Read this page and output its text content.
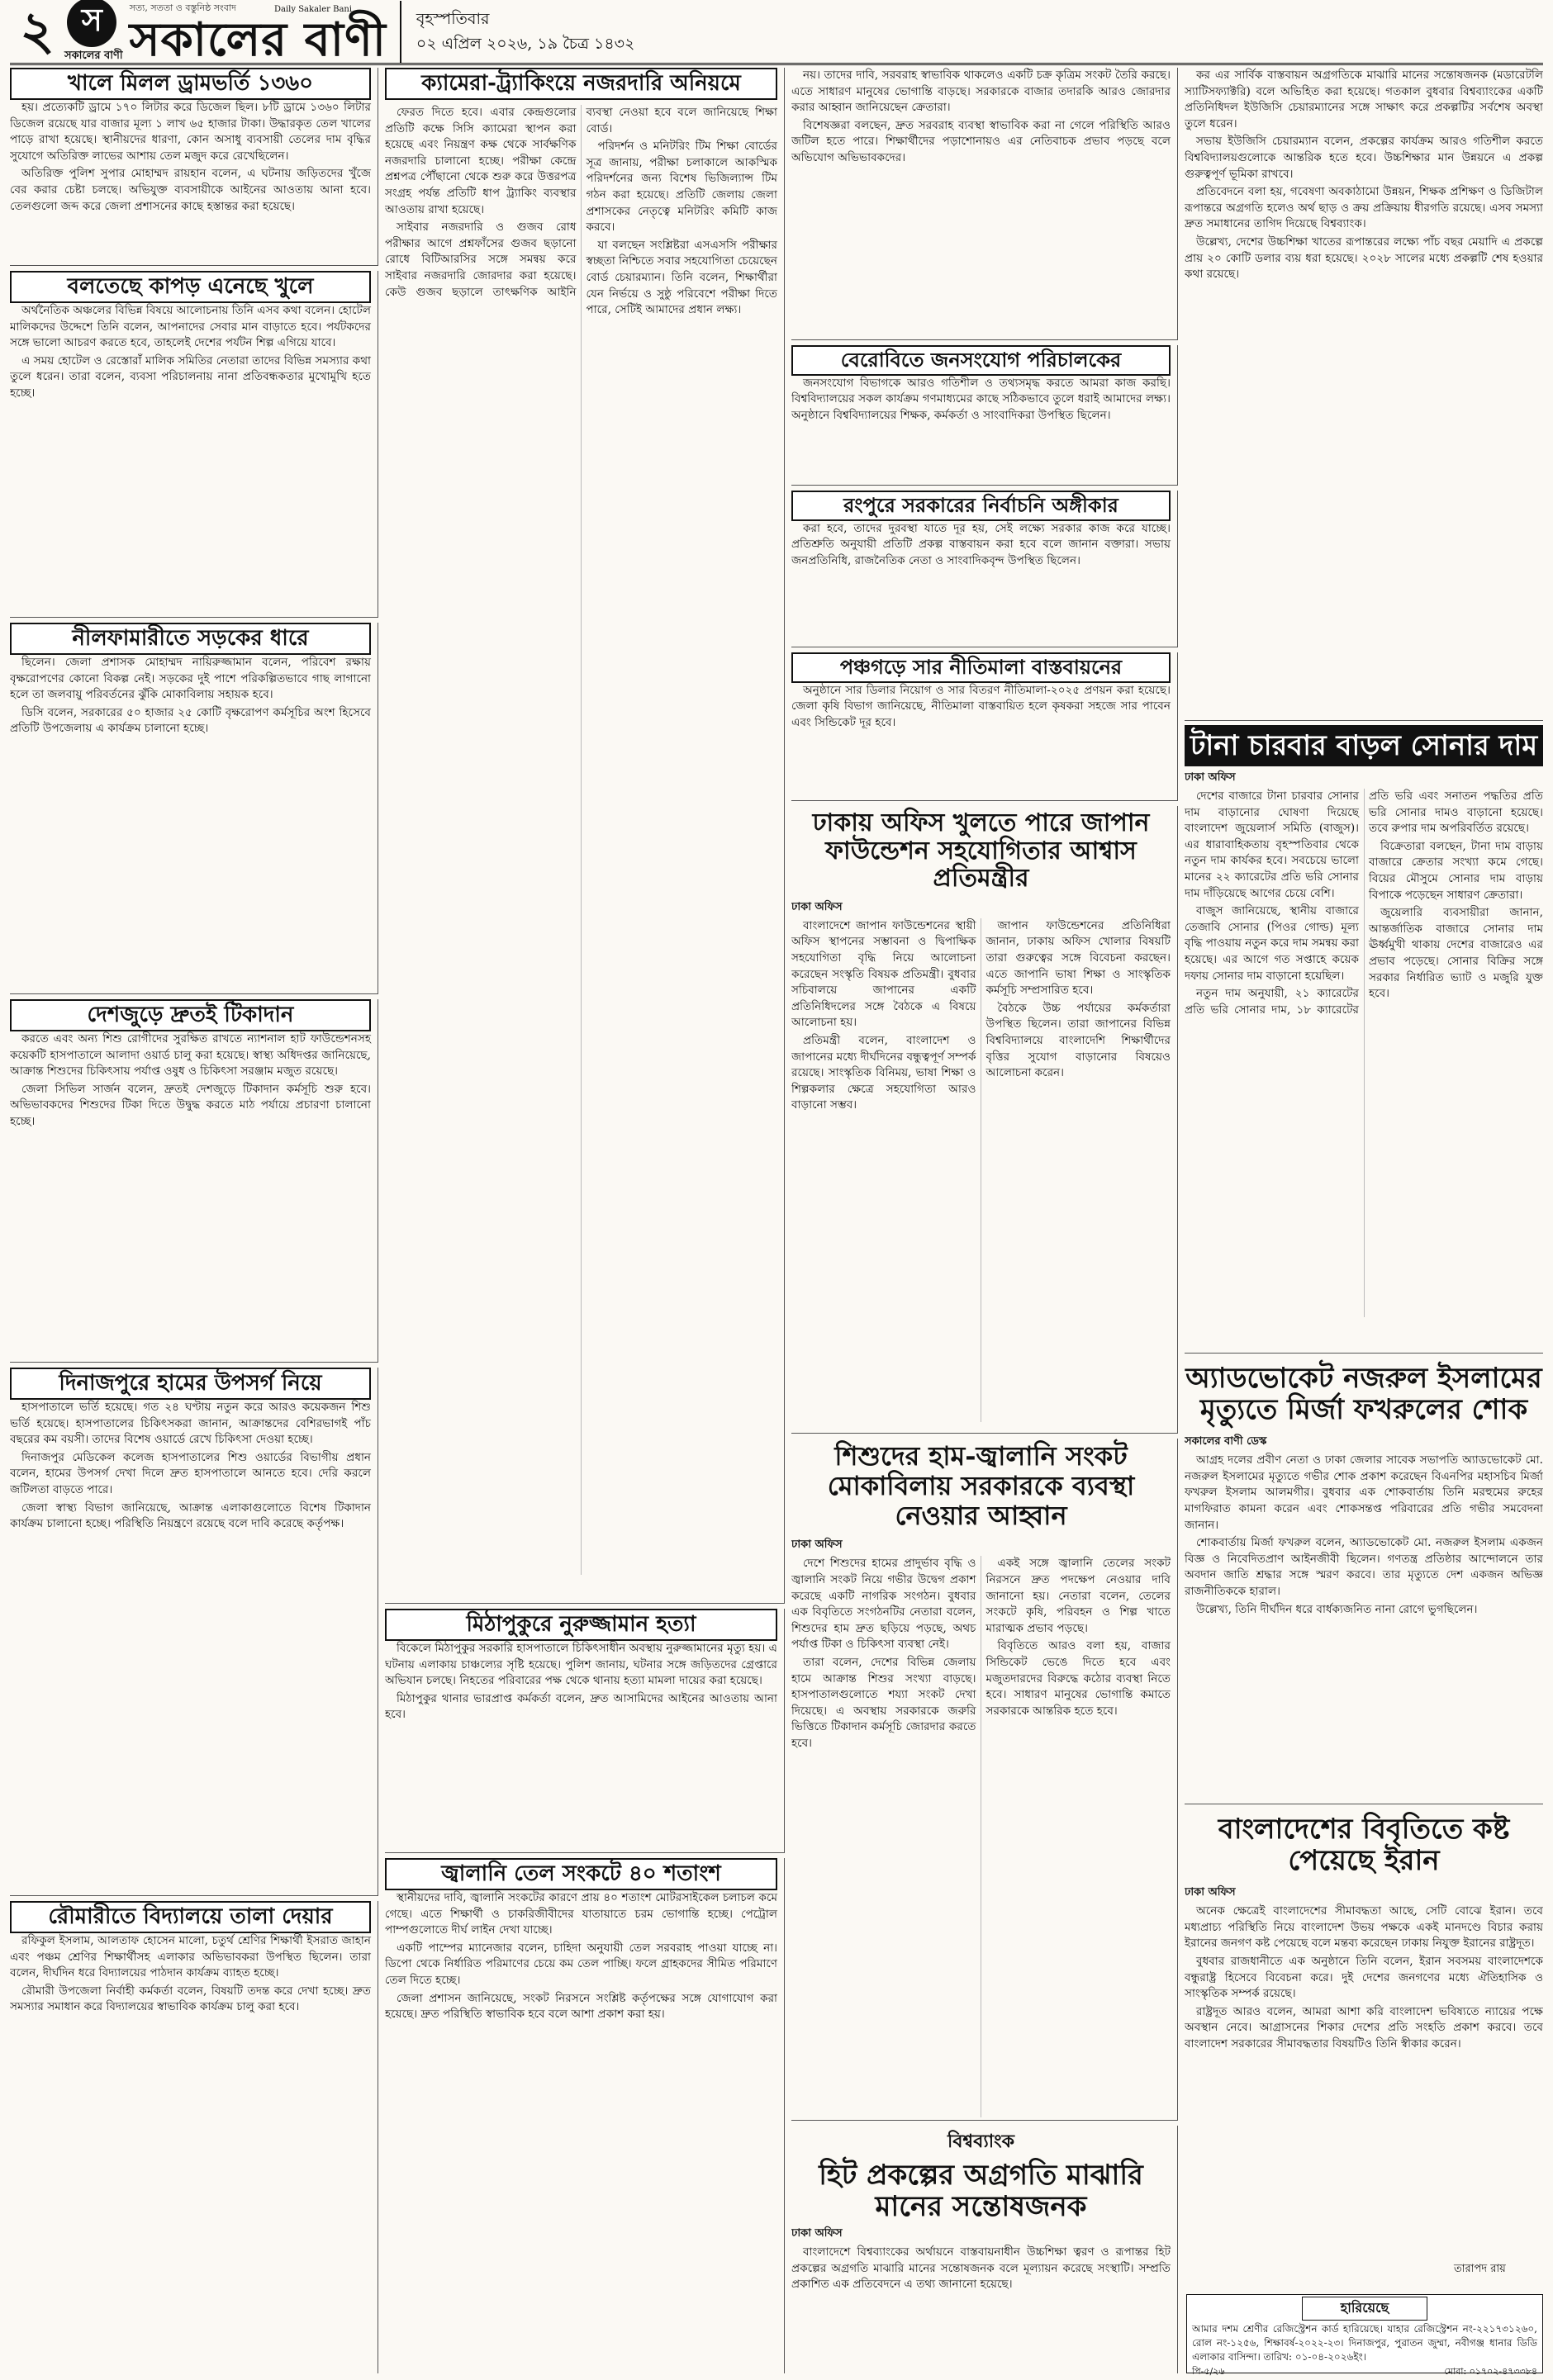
২ স
সকালের বাণী
সত্য, সততা ও বস্তুনিষ্ঠ সংবাদ
সকালের বাণী
Daily Sakaler Bani
বৃহস্পতিবার
০২ এপ্রিল ২০২৬, ১৯ চৈত্র ১৪৩২
খালে মিলল ড্রামভর্তি ১৩৬০

হয়। প্রত্যেকটি ড্রামে ১৭০ লিটার করে ডিজেল ছিল। ৮টি ড্রামে ১৩৬০ লিটার ডিজেল রয়েছে যার বাজার মূল্য ১ লাখ ৬৫ হাজার টাকা। উদ্ধারকৃত তেল খালের পাড়ে রাখা হয়েছে। স্থানীয়দের ধারণা, কোন অসাধু ব্যবসায়ী তেলের দাম বৃদ্ধির সুযোগে অতিরিক্ত লাভের আশায় তেল মজুদ করে রেখেছিলেন।

অতিরিক্ত পুলিশ সুপার মোহাম্মদ রায়হান বলেন, এ ঘটনায় জড়িতদের খুঁজে বের করার চেষ্টা চলছে। অভিযুক্ত ব্যবসায়ীকে আইনের আওতায় আনা হবে। তেলগুলো জব্দ করে জেলা প্রশাসনের কাছে হস্তান্তর করা হয়েছে।

বলতেছে কাপড় এনেছে খুলে

অর্থনৈতিক অঞ্চলের বিভিন্ন বিষয়ে আলোচনায় তিনি এসব কথা বলেন। হোটেল মালিকদের উদ্দেশে তিনি বলেন, আপনাদের সেবার মান বাড়াতে হবে। পর্যটকদের সঙ্গে ভালো আচরণ করতে হবে, তাহলেই দেশের পর্যটন শিল্প এগিয়ে যাবে।

এ সময় হোটেল ও রেস্তোরাঁ মালিক সমিতির নেতারা তাদের বিভিন্ন সমস্যার কথা তুলে ধরেন। তারা বলেন, ব্যবসা পরিচালনায় নানা প্রতিবন্ধকতার মুখোমুখি হতে হচ্ছে।

নীলফামারীতে সড়কের ধারে

ছিলেন। জেলা প্রশাসক মোহাম্মদ নায়িরুজ্জামান বলেন, পরিবেশ রক্ষায় বৃক্ষরোপণের কোনো বিকল্প নেই। সড়কের দুই পাশে পরিকল্পিতভাবে গাছ লাগানো হলে তা জলবায়ু পরিবর্তনের ঝুঁকি মোকাবিলায় সহায়ক হবে।

ডিসি বলেন, সরকারের ৫০ হাজার ২৫ কোটি বৃক্ষরোপণ কর্মসূচির অংশ হিসেবে প্রতিটি উপজেলায় এ কার্যক্রম চালানো হচ্ছে।

দেশজুড়ে দ্রুতই টিকাদান

করতে এবং অন্য শিশু রোগীদের সুরক্ষিত রাখতে ন্যাশনাল হাট ফাউন্ডেশনসহ কয়েকটি হাসপাতালে আলাদা ওয়ার্ড চালু করা হয়েছে। স্বাস্থ্য অধিদপ্তর জানিয়েছে, আক্রান্ত শিশুদের চিকিৎসায় পর্যাপ্ত ওষুধ ও চিকিৎসা সরঞ্জাম মজুত রয়েছে।

জেলা সিভিল সার্জন বলেন, দ্রুতই দেশজুড়ে টিকাদান কর্মসূচি শুরু হবে। অভিভাবকদের শিশুদের টিকা দিতে উদ্বুদ্ধ করতে মাঠ পর্যায়ে প্রচারণা চালানো হচ্ছে।

দিনাজপুরে হামের উপসর্গ নিয়ে

হাসপাতালে ভর্তি হয়েছে। গত ২৪ ঘণ্টায় নতুন করে আরও কয়েকজন শিশু ভর্তি হয়েছে। হাসপাতালের চিকিৎসকরা জানান, আক্রান্তদের বেশিরভাগই পাঁচ বছরের কম বয়সী। তাদের বিশেষ ওয়ার্ডে রেখে চিকিৎসা দেওয়া হচ্ছে।

দিনাজপুর মেডিকেল কলেজ হাসপাতালের শিশু ওয়ার্ডের বিভাগীয় প্রধান বলেন, হামের উপসর্গ দেখা দিলে দ্রুত হাসপাতালে আনতে হবে। দেরি করলে জটিলতা বাড়তে পারে।

জেলা স্বাস্থ্য বিভাগ জানিয়েছে, আক্রান্ত এলাকাগুলোতে বিশেষ টিকাদান কার্যক্রম চালানো হচ্ছে। পরিস্থিতি নিয়ন্ত্রণে রয়েছে বলে দাবি করেছে কর্তৃপক্ষ।

রৌমারীতে বিদ্যালয়ে তালা দেয়ার

রফিকুল ইসলাম, আলতাফ হোসেন মালো, চতুর্থ শ্রেণির শিক্ষার্থী ইসরাত জাহান এবং পঞ্চম শ্রেণির শিক্ষার্থীসহ এলাকার অভিভাবকরা উপস্থিত ছিলেন। তারা বলেন, দীর্ঘদিন ধরে বিদ্যালয়ের পাঠদান কার্যক্রম ব্যাহত হচ্ছে।

রৌমারী উপজেলা নির্বাহী কর্মকর্তা বলেন, বিষয়টি তদন্ত করে দেখা হচ্ছে। দ্রুত সমস্যার সমাধান করে বিদ্যালয়ের স্বাভাবিক কার্যক্রম চালু করা হবে।

ক্যামেরা-ট্র্যাকিংয়ে নজরদারি অনিয়মে

ফেরত দিতে হবে। এবার কেন্দ্রগুলোর প্রতিটি কক্ষে সিসি ক্যামেরা স্থাপন করা হয়েছে এবং নিয়ন্ত্রণ কক্ষ থেকে সার্বক্ষণিক নজরদারি চালানো হচ্ছে। পরীক্ষা কেন্দ্রে প্রশ্নপত্র পৌঁছানো থেকে শুরু করে উত্তরপত্র সংগ্রহ পর্যন্ত প্রতিটি ধাপ ট্র্যাকিং ব্যবস্থার আওতায় রাখা হয়েছে।

সাইবার নজরদারি ও গুজব রোধ পরীক্ষার আগে প্রশ্নফাঁসের গুজব ছড়ানো রোধে বিটিআরসির সঙ্গে সমন্বয় করে সাইবার নজরদারি জোরদার করা হয়েছে। কেউ গুজব ছড়ালে তাৎক্ষণিক আইনি ব্যবস্থা নেওয়া হবে বলে জানিয়েছে শিক্ষা বোর্ড।

পরিদর্শন ও মনিটরিং টিম শিক্ষা বোর্ডের সূত্র জানায়, পরীক্ষা চলাকালে আকস্মিক পরিদর্শনের জন্য বিশেষ ভিজিল্যান্স টিম গঠন করা হয়েছে। প্রতিটি জেলায় জেলা প্রশাসকের নেতৃত্বে মনিটরিং কমিটি কাজ করবে।

যা বলছেন সংশ্লিষ্টরা এসএসসি পরীক্ষার স্বচ্ছতা নিশ্চিতে সবার সহযোগিতা চেয়েছেন বোর্ড চেয়ারম্যান। তিনি বলেন, শিক্ষার্থীরা যেন নির্ভয়ে ও সুষ্ঠু পরিবেশে পরীক্ষা দিতে পারে, সেটিই আমাদের প্রধান লক্ষ্য।

মিঠাপুকুরে নুরুজ্জামান হত্যা

বিকেলে মিঠাপুকুর সরকারি হাসপাতালে চিকিৎসাধীন অবস্থায় নুরুজ্জামানের মৃত্যু হয়। এ ঘটনায় এলাকায় চাঞ্চল্যের সৃষ্টি হয়েছে। পুলিশ জানায়, ঘটনার সঙ্গে জড়িতদের গ্রেপ্তারে অভিযান চলছে। নিহতের পরিবারের পক্ষ থেকে থানায় হত্যা মামলা দায়ের করা হয়েছে।

মিঠাপুকুর থানার ভারপ্রাপ্ত কর্মকর্তা বলেন, দ্রুত আসামিদের আইনের আওতায় আনা হবে।

জ্বালানি তেল সংকটে ৪০ শতাংশ

স্থানীয়দের দাবি, জ্বালানি সংকটের কারণে প্রায় ৪০ শতাংশ মোটরসাইকেল চলাচল কমে গেছে। এতে শিক্ষার্থী ও চাকরিজীবীদের যাতায়াতে চরম ভোগান্তি হচ্ছে। পেট্রোল পাম্পগুলোতে দীর্ঘ লাইন দেখা যাচ্ছে।

একটি পাম্পের ম্যানেজার বলেন, চাহিদা অনুযায়ী তেল সরবরাহ পাওয়া যাচ্ছে না। ডিপো থেকে নির্ধারিত পরিমাণের চেয়ে কম তেল পাচ্ছি। ফলে গ্রাহকদের সীমিত পরিমাণে তেল দিতে হচ্ছে।

জেলা প্রশাসন জানিয়েছে, সংকট নিরসনে সংশ্লিষ্ট কর্তৃপক্ষের সঙ্গে যোগাযোগ করা হয়েছে। দ্রুত পরিস্থিতি স্বাভাবিক হবে বলে আশা প্রকাশ করা হয়।

নয়। তাদের দাবি, সরবরাহ স্বাভাবিক থাকলেও একটি চক্র কৃত্রিম সংকট তৈরি করছে। এতে সাধারণ মানুষের ভোগান্তি বাড়ছে। সরকারকে বাজার তদারকি আরও জোরদার করার আহ্বান জানিয়েছেন ক্রেতারা।

বিশেষজ্ঞরা বলছেন, দ্রুত সরবরাহ ব্যবস্থা স্বাভাবিক করা না গেলে পরিস্থিতি আরও জটিল হতে পারে। শিক্ষার্থীদের পড়াশোনায়ও এর নেতিবাচক প্রভাব পড়ছে বলে অভিযোগ অভিভাবকদের।

বেরোবিতে জনসংযোগ পরিচালকের

জনসংযোগ বিভাগকে আরও গতিশীল ও তথ্যসমৃদ্ধ করতে আমরা কাজ করছি। বিশ্ববিদ্যালয়ের সকল কার্যক্রম গণমাধ্যমের কাছে সঠিকভাবে তুলে ধরাই আমাদের লক্ষ্য। অনুষ্ঠানে বিশ্ববিদ্যালয়ের শিক্ষক, কর্মকর্তা ও সাংবাদিকরা উপস্থিত ছিলেন।

রংপুরে সরকারের নির্বাচনি অঙ্গীকার

করা হবে, তাদের দুরবস্থা যাতে দূর হয়, সেই লক্ষ্যে সরকার কাজ করে যাচ্ছে। প্রতিশ্রুতি অনুযায়ী প্রতিটি প্রকল্প বাস্তবায়ন করা হবে বলে জানান বক্তারা। সভায় জনপ্রতিনিধি, রাজনৈতিক নেতা ও সাংবাদিকবৃন্দ উপস্থিত ছিলেন।

পঞ্চগড়ে সার নীতিমালা বাস্তবায়নের

অনুষ্ঠানে সার ডিলার নিয়োগ ও সার বিতরণ নীতিমালা-২০২৫ প্রণয়ন করা হয়েছে। জেলা কৃষি বিভাগ জানিয়েছে, নীতিমালা বাস্তবায়িত হলে কৃষকরা সহজে সার পাবেন এবং সিন্ডিকেট দূর হবে।

ঢাকায় অফিস খুলতে পারে জাপান ফাউন্ডেশন সহযোগিতার আশ্বাস প্রতিমন্ত্রীর
ঢাকা অফিস

বাংলাদেশে জাপান ফাউন্ডেশনের স্থায়ী অফিস স্থাপনের সম্ভাবনা ও দ্বিপাক্ষিক সহযোগিতা বৃদ্ধি নিয়ে আলোচনা করেছেন সংস্কৃতি বিষয়ক প্রতিমন্ত্রী। বুধবার সচিবালয়ে জাপানের একটি প্রতিনিধিদলের সঙ্গে বৈঠকে এ বিষয়ে আলোচনা হয়।

প্রতিমন্ত্রী বলেন, বাংলাদেশ ও জাপানের মধ্যে দীর্ঘদিনের বন্ধুত্বপূর্ণ সম্পর্ক রয়েছে। সাংস্কৃতিক বিনিময়, ভাষা শিক্ষা ও শিল্পকলার ক্ষেত্রে সহযোগিতা আরও বাড়ানো সম্ভব।

জাপান ফাউন্ডেশনের প্রতিনিধিরা জানান, ঢাকায় অফিস খোলার বিষয়টি তারা গুরুত্বের সঙ্গে বিবেচনা করছেন। এতে জাপানি ভাষা শিক্ষা ও সাংস্কৃতিক কর্মসূচি সম্প্রসারিত হবে।

বৈঠকে উচ্চ পর্যায়ের কর্মকর্তারা উপস্থিত ছিলেন। তারা জাপানের বিভিন্ন বিশ্ববিদ্যালয়ে বাংলাদেশি শিক্ষার্থীদের বৃত্তির সুযোগ বাড়ানোর বিষয়েও আলোচনা করেন।

শিশুদের হাম-জ্বালানি সংকট মোকাবিলায় সরকারকে ব্যবস্থা নেওয়ার আহ্বান
ঢাকা অফিস

দেশে শিশুদের হামের প্রাদুর্ভাব বৃদ্ধি ও জ্বালানি সংকট নিয়ে গভীর উদ্বেগ প্রকাশ করেছে একটি নাগরিক সংগঠন। বুধবার এক বিবৃতিতে সংগঠনটির নেতারা বলেন, শিশুদের হাম দ্রুত ছড়িয়ে পড়ছে, অথচ পর্যাপ্ত টিকা ও চিকিৎসা ব্যবস্থা নেই।

তারা বলেন, দেশের বিভিন্ন জেলায় হামে আক্রান্ত শিশুর সংখ্যা বাড়ছে। হাসপাতালগুলোতে শয্যা সংকট দেখা দিয়েছে। এ অবস্থায় সরকারকে জরুরি ভিত্তিতে টিকাদান কর্মসূচি জোরদার করতে হবে।

একই সঙ্গে জ্বালানি তেলের সংকট নিরসনে দ্রুত পদক্ষেপ নেওয়ার দাবি জানানো হয়। নেতারা বলেন, তেলের সংকটে কৃষি, পরিবহন ও শিল্প খাতে মারাত্মক প্রভাব পড়ছে।

বিবৃতিতে আরও বলা হয়, বাজার সিন্ডিকেট ভেঙে দিতে হবে এবং মজুতদারদের বিরুদ্ধে কঠোর ব্যবস্থা নিতে হবে। সাধারণ মানুষের ভোগান্তি কমাতে সরকারকে আন্তরিক হতে হবে।

বিশ্বব্যাংক
হিট প্রকল্পের অগ্রগতি মাঝারি মানের সন্তোষজনক
ঢাকা অফিস

বাংলাদেশে বিশ্বব্যাংকের অর্থায়নে বাস্তবায়নাধীন উচ্চশিক্ষা ত্বরণ ও রূপান্তর হিট প্রকল্পের অগ্রগতি মাঝারি মানের সন্তোষজনক বলে মূল্যায়ন করেছে সংস্থাটি। সম্প্রতি প্রকাশিত এক প্রতিবেদনে এ তথ্য জানানো হয়েছে।

কর এর সার্বিক বাস্তবায়ন অগ্রগতিকে মাঝারি মানের সন্তোষজনক (মডারেটলি স্যাটিসফ্যাক্টরি) বলে অভিহিত করা হয়েছে। গতকাল বুধবার বিশ্বব্যাংকের একটি প্রতিনিধিদল ইউজিসি চেয়ারম্যানের সঙ্গে সাক্ষাৎ করে প্রকল্পটির সর্বশেষ অবস্থা তুলে ধরেন।

সভায় ইউজিসি চেয়ারম্যান বলেন, প্রকল্পের কার্যক্রম আরও গতিশীল করতে বিশ্ববিদ্যালয়গুলোকে আন্তরিক হতে হবে। উচ্চশিক্ষার মান উন্নয়নে এ প্রকল্প গুরুত্বপূর্ণ ভূমিকা রাখবে।

প্রতিবেদনে বলা হয়, গবেষণা অবকাঠামো উন্নয়ন, শিক্ষক প্রশিক্ষণ ও ডিজিটাল রূপান্তরে অগ্রগতি হলেও অর্থ ছাড় ও ক্রয় প্রক্রিয়ায় ধীরগতি রয়েছে। এসব সমস্যা দ্রুত সমাধানের তাগিদ দিয়েছে বিশ্বব্যাংক।

উল্লেখ্য, দেশের উচ্চশিক্ষা খাতের রূপান্তরের লক্ষ্যে পাঁচ বছর মেয়াদি এ প্রকল্পে প্রায় ২০ কোটি ডলার ব্যয় ধরা হয়েছে। ২০২৮ সালের মধ্যে প্রকল্পটি শেষ হওয়ার কথা রয়েছে।

টানা চারবার বাড়ল সোনার দাম
ঢাকা অফিস

দেশের বাজারে টানা চারবার সোনার দাম বাড়ানোর ঘোষণা দিয়েছে বাংলাদেশ জুয়েলার্স সমিতি (বাজুস)। এর ধারাবাহিকতায় বৃহস্পতিবার থেকে নতুন দাম কার্যকর হবে। সবচেয়ে ভালো মানের ২২ ক্যারেটের প্রতি ভরি সোনার দাম দাঁড়িয়েছে আগের চেয়ে বেশি।

বাজুস জানিয়েছে, স্থানীয় বাজারে তেজাবি সোনার (পিওর গোল্ড) মূল্য বৃদ্ধি পাওয়ায় নতুন করে দাম সমন্বয় করা হয়েছে। এর আগে গত সপ্তাহে কয়েক দফায় সোনার দাম বাড়ানো হয়েছিল।

নতুন দাম অনুযায়ী, ২১ ক্যারেটের প্রতি ভরি সোনার দাম, ১৮ ক্যারেটের প্রতি ভরি এবং সনাতন পদ্ধতির প্রতি ভরি সোনার দামও বাড়ানো হয়েছে। তবে রুপার দাম অপরিবর্তিত রয়েছে।

বিক্রেতারা বলছেন, টানা দাম বাড়ায় বাজারে ক্রেতার সংখ্যা কমে গেছে। বিয়ের মৌসুমে সোনার দাম বাড়ায় বিপাকে পড়েছেন সাধারণ ক্রেতারা।

জুয়েলারি ব্যবসায়ীরা জানান, আন্তর্জাতিক বাজারে সোনার দাম ঊর্ধ্বমুখী থাকায় দেশের বাজারেও এর প্রভাব পড়েছে। সোনার বিক্রির সঙ্গে সরকার নির্ধারিত ভ্যাট ও মজুরি যুক্ত হবে।

অ্যাডভোকেট নজরুল ইসলামের মৃত্যুতে মির্জা ফখরুলের শোক
সকালের বাণী ডেস্ক

আগ্রহ দলের প্রবীণ নেতা ও ঢাকা জেলার সাবেক সভাপতি অ্যাডভোকেট মো. নজরুল ইসলামের মৃত্যুতে গভীর শোক প্রকাশ করেছেন বিএনপির মহাসচিব মির্জা ফখরুল ইসলাম আলমগীর। বুধবার এক শোকবার্তায় তিনি মরহুমের রুহের মাগফিরাত কামনা করেন এবং শোকসন্তপ্ত পরিবারের প্রতি গভীর সমবেদনা জানান।

শোকবার্তায় মির্জা ফখরুল বলেন, অ্যাডভোকেট মো. নজরুল ইসলাম একজন বিজ্ঞ ও নিবেদিতপ্রাণ আইনজীবী ছিলেন। গণতন্ত্র প্রতিষ্ঠার আন্দোলনে তার অবদান জাতি শ্রদ্ধার সঙ্গে স্মরণ করবে। তার মৃত্যুতে দেশ একজন অভিজ্ঞ রাজনীতিককে হারাল।

উল্লেখ্য, তিনি দীর্ঘদিন ধরে বার্ধক্যজনিত নানা রোগে ভুগছিলেন।

বাংলাদেশের বিবৃতিতে কষ্ট পেয়েছে ইরান
ঢাকা অফিস

অনেক ক্ষেত্রেই বাংলাদেশের সীমাবদ্ধতা আছে, সেটি বোঝে ইরান। তবে মধ্যপ্রাচ্য পরিস্থিতি নিয়ে বাংলাদেশ উভয় পক্ষকে একই মানদণ্ডে বিচার করায় ইরানের জনগণ কষ্ট পেয়েছে বলে মন্তব্য করেছেন ঢাকায় নিযুক্ত ইরানের রাষ্ট্রদূত।

বুধবার রাজধানীতে এক অনুষ্ঠানে তিনি বলেন, ইরান সবসময় বাংলাদেশকে বন্ধুরাষ্ট্র হিসেবে বিবেচনা করে। দুই দেশের জনগণের মধ্যে ঐতিহাসিক ও সাংস্কৃতিক সম্পর্ক রয়েছে।

রাষ্ট্রদূত আরও বলেন, আমরা আশা করি বাংলাদেশ ভবিষ্যতে ন্যায়ের পক্ষে অবস্থান নেবে। আগ্রাসনের শিকার দেশের প্রতি সংহতি প্রকাশ করবে। তবে বাংলাদেশ সরকারের সীমাবদ্ধতার বিষয়টিও তিনি স্বীকার করেন।

তারাপদ রায়
হারিয়েছে
আমার দশম শ্রেণীর রেজিস্ট্রেশন কার্ড হারিয়েছে। যাহার রেজিস্ট্রেশন নং-২২১৭৩১২৬০, রোল নং-১২৫৬, শিক্ষাবর্ষ-২০২২-২৩। দিনাজপুর, পুরাতন জুম্মা, নবীগঞ্জ ধানার ডিডি এলাকার বাসিন্দা। তারিখ: ০১-০৪-২০২৬ইং।
পি-৫/২৬	মোবা: ০১৭০২-৪৭৩৩৮৪
